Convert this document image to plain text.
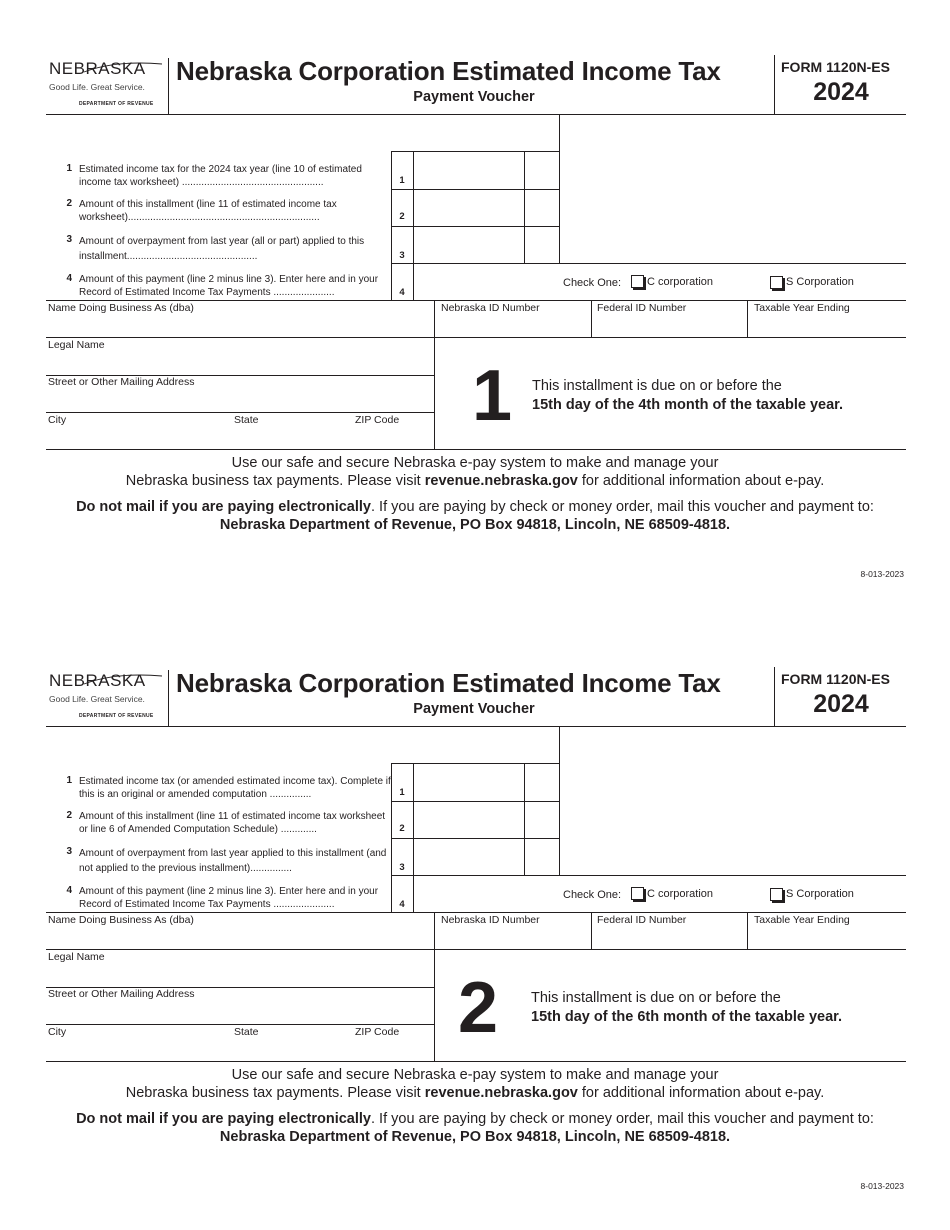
NEBRASKA
Good Life. Great Service.
DEPARTMENT OF REVENUE
Nebraska Corporation Estimated Income Tax
Payment Voucher
FORM 1120N-ES
2024
1 Estimated income tax for the 2024 tax year (line 10 of estimated income tax worksheet) ...................................................	1
2 Amount of this installment (line 11 of estimated income tax worksheet).....................................................................	2
3 Amount of overpayment from last year (all or part) applied to this installment...............................................	3
4 Amount of this payment (line 2 minus line 3). Enter here and in your Record of Estimated Income Tax Payments ......................	4
Check One: C corporation	S Corporation
Name Doing Business As (dba)	Nebraska ID Number	Federal ID Number	Taxable Year Ending
Legal Name
Street or Other Mailing Address
City	State	ZIP Code 1 This installment is due on or before the
15th day of the 4th month of the taxable year.
Use our safe and secure Nebraska e-pay system to make and manage your
Nebraska business tax payments. Please visit revenue.nebraska.gov for additional information about e-pay.
Do not mail if you are paying electronically. If you are paying by check or money order, mail this voucher and payment to:
Nebraska Department of Revenue, PO Box 94818, Lincoln, NE 68509-4818.
8-013-2023
NEBRASKA
Good Life. Great Service.
DEPARTMENT OF REVENUE
Nebraska Corporation Estimated Income Tax
Payment Voucher
FORM 1120N-ES
2024
1 Estimated income tax (or amended estimated income tax). Complete if this is an original or amended computation ...............	1
2 Amount of this installment (line 11 of estimated income tax worksheet or line 6 of Amended Computation Schedule) .............	2
3 Amount of overpayment from last year applied to this installment (and not applied to the previous installment)...............	3
4 Amount of this payment (line 2 minus line 3). Enter here and in your Record of Estimated Income Tax Payments ......................	4
Check One: C corporation	S Corporation
Name Doing Business As (dba)	Nebraska ID Number	Federal ID Number	Taxable Year Ending
Legal Name
Street or Other Mailing Address
City	State	ZIP Code 2 This installment is due on or before the
15th day of the 6th month of the taxable year.
Use our safe and secure Nebraska e-pay system to make and manage your
Nebraska business tax payments. Please visit revenue.nebraska.gov for additional information about e-pay.
Do not mail if you are paying electronically. If you are paying by check or money order, mail this voucher and payment to:
Nebraska Department of Revenue, PO Box 94818, Lincoln, NE 68509-4818.
8-013-2023
